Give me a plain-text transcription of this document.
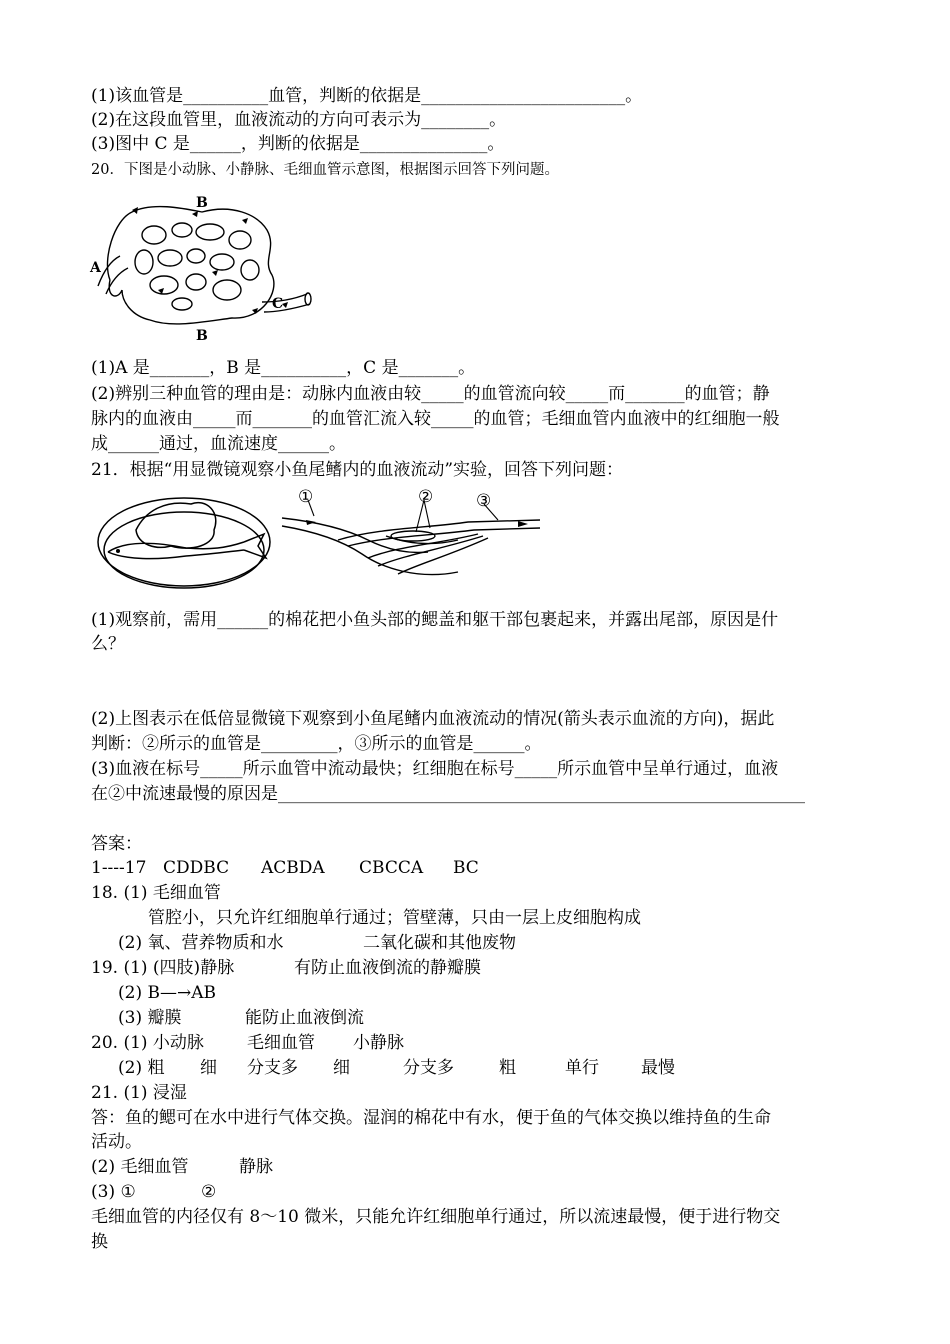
(1)该血管是__________血管，判断的依据是________________________。
(2)在这段血管里，血液流动的方向可表示为________。
(3)图中 C 是______，判断的依据是_______________。
20．下图是小动脉、小静脉、毛细血管示意图，根据图示回答下列问题。
A
B
B
C
(1)A 是_______，B 是__________，C 是_______。
(2)辨别三种血管的理由是：动脉内血液由较_____的血管流向较_____而_______的血管；静
脉内的血液由_____而_______的血管汇流入较_____的血管；毛细血管内血液中的红细胞一般
成______通过，血流速度______。
21．根据“用显微镜观察小鱼尾鳍内的血液流动”实验，回答下列问题：
①	②	③
(1)观察前，需用______的棉花把小鱼头部的鳃盖和躯干部包裹起来，并露出尾部，原因是什
么？
(2)上图表示在低倍显微镜下观察到小鱼尾鳍内血液流动的情况(箭头表示血流的方向)，据此
判断：②所示的血管是_________，③所示的血管是______。
(3)血液在标号_____所示血管中流动最快；红细胞在标号_____所示血管中呈单行通过，血液
在②中流速最慢的原因是______________________________________________________________
答案：
1----17 CDDBC	ACBDA	CBCCA	BC
18. (1) 毛细血管
管腔小，只允许红细胞单行通过；管壁薄，只由一层上皮细胞构成
(2) 氧、营养物质和水	二氧化碳和其他废物
19. (1) (四肢)静脉	有防止血液倒流的静瓣膜
(2) B—→AB
(3) 瓣膜	能防止血液倒流
20. (1) 小动脉	毛细血管	小静脉
(2) 粗	细	分支多	细	分支多	粗	单行	最慢
21. (1) 浸湿
答：鱼的鳃可在水中进行气体交换。湿润的棉花中有水，便于鱼的气体交换以维持鱼的生命
活动。
(2) 毛细血管	静脉
(3) ①	②
毛细血管的内径仅有 8～10 微米，只能允许红细胞单行通过，所以流速最慢，便于进行物交
换
